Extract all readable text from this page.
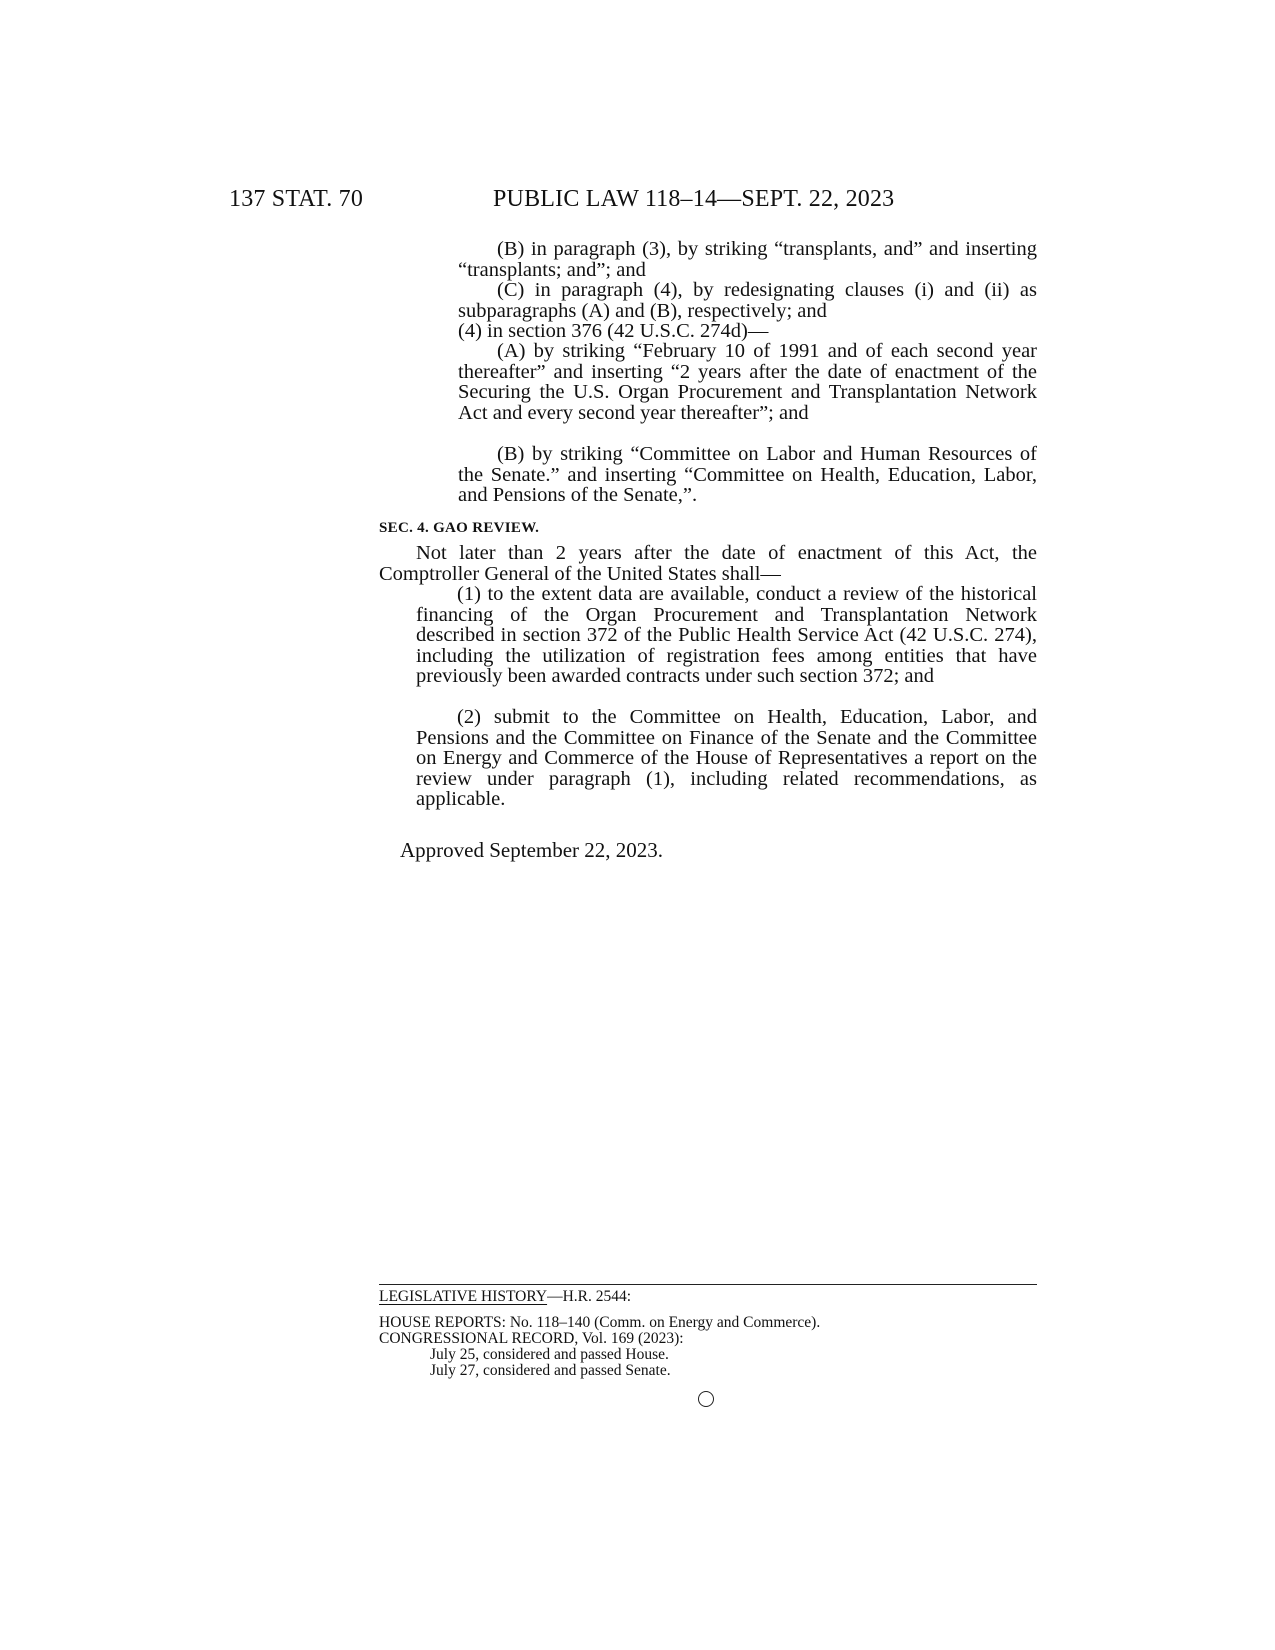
137 STAT. 70	PUBLIC LAW 118–14—SEPT. 22, 2023

(B) in paragraph (3), by striking “transplants, and” and inserting “transplants; and”; and

(C) in paragraph (4), by redesignating clauses (i) and (ii) as subparagraphs (A) and (B), respectively; and

(4) in section 376 (42 U.S.C. 274d)—

(A) by striking “February 10 of 1991 and of each second year thereafter” and inserting “2 years after the date of enactment of the Securing the U.S. Organ Procurement and Transplantation Network Act and every second year thereafter”; and

(B) by striking “Committee on Labor and Human Resources of the Senate.” and inserting “Committee on Health, Education, Labor, and Pensions of the Senate,”.

SEC. 4. GAO REVIEW.

Not later than 2 years after the date of enactment of this Act, the Comptroller General of the United States shall—

(1) to the extent data are available, conduct a review of the historical financing of the Organ Procurement and Transplantation Network described in section 372 of the Public Health Service Act (42 U.S.C. 274), including the utilization of registration fees among entities that have previously been awarded contracts under such section 372; and

(2) submit to the Committee on Health, Education, Labor, and Pensions and the Committee on Finance of the Senate and the Committee on Energy and Commerce of the House of Representatives a report on the review under paragraph (1), including related recommendations, as applicable.

Approved September 22, 2023.
LEGISLATIVE HISTORY—H.R. 2544:
HOUSE REPORTS: No. 118–140 (Comm. on Energy and Commerce).
CONGRESSIONAL RECORD, Vol. 169 (2023):
July 25, considered and passed House.
July 27, considered and passed Senate.
